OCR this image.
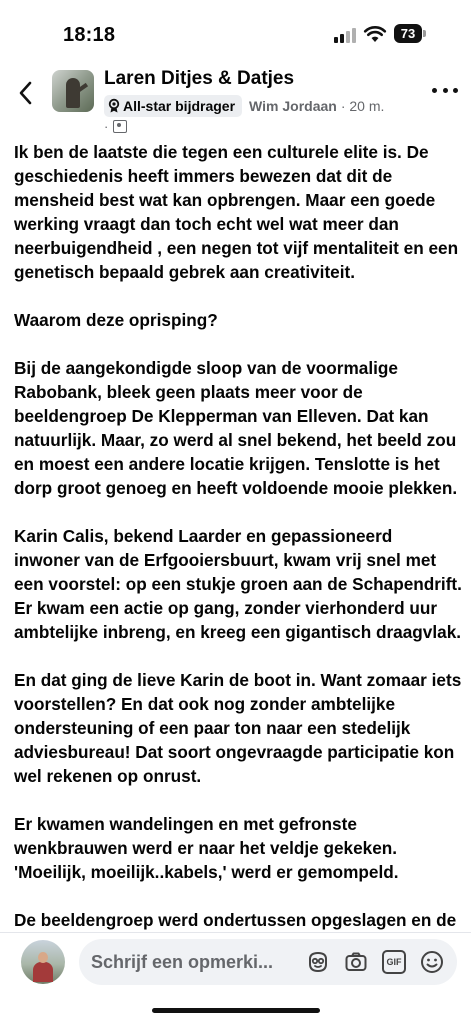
18:18	73
Laren Ditjes & Datjes
All-star bijdrager Wim Jordaan · 20 m.
·

Ik ben de laatste die tegen een culturele elite is. De geschiedenis heeft immers bewezen dat dit de mensheid best wat kan opbrengen. Maar een goede werking vraagt dan toch echt wel wat meer dan neerbuigendheid , een negen tot vijf mentaliteit en een genetisch bepaald gebrek aan creativiteit.

Waarom deze oprisping?

Bij de aangekondigde sloop van de voormalige Rabobank, bleek geen plaats meer voor de beeldengroep De Klepperman van Elleven. Dat kan natuurlijk. Maar, zo werd al snel bekend, het beeld zou en moest een andere locatie krijgen. Tenslotte is het dorp groot genoeg en heeft voldoende mooie plekken.

Karin Calis, bekend Laarder en gepassioneerd inwoner van de Erfgooiersbuurt, kwam vrij snel met een voorstel: op een stukje groen aan de Schapendrift. Er kwam een actie op gang, zonder vierhonderd uur ambtelijke inbreng, en kreeg een gigantisch draagvlak.

En dat ging de lieve Karin de boot in. Want zomaar iets voorstellen? En dat ook nog zonder ambtelijke ondersteuning of een paar ton naar een stedelijk adviesbureau! Dat soort ongevraagde participatie kon wel rekenen op onrust.

Er kwamen wandelingen en met gefronste wenkbrauwen werd er naar het veldje gekeken. 'Moeilijk, moeilijk..kabels,' werd er gemompeld.

De beeldengroep werd ondertussen opgeslagen en de

Schrijf een opmerki...	GIF
